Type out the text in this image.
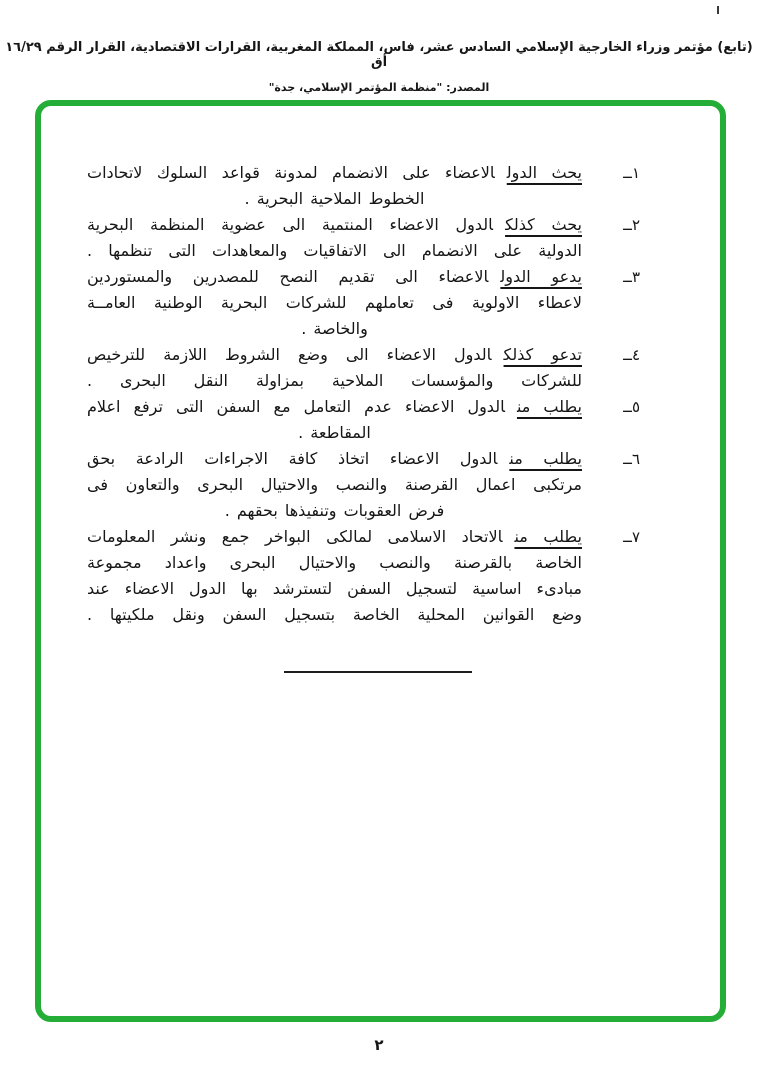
(تابع) مؤتمر وزراء الخارجية الإسلامي السادس عشر، فاس، المملكة المغربية، القرارات الاقتصادية، القرار الرقم ١٦/٢٩ أق
المصدر: "منظمة المؤتمر الإسلامي، جدة"
١ــ
يحث الدولالاعضاء على الانضمام لمدونة قواعد السلوك لاتحادات
الخطوط الملاحية البحرية .
٢ــ
يحث كذلكالدول الاعضاء المنتمية الى عضوية المنظمة البحرية
الدولية على الانضمام الى الاتفاقيات والمعاهدات التى تنظمها .
٣ــ
يدعو الدولالاعضاء الى تقديم النصح للمصدرين والمستوردين
لاعطاء الاولوية فى تعاملهم للشركات البحرية الوطنية العامــة
والخاصة .
٤ــ
تدعو كذلكالدول الاعضاء الى وضع الشروط اللازمة للترخيص
للشركات والمؤسسات الملاحية بمزاولة النقل البحرى .
٥ــ
يطلب منالدول الاعضاء عدم التعامل مع السفن التى ترفع اعلام
المقاطعة .
٦ــ
يطلب منالدول الاعضاء اتخاذ كافة الاجراءات الرادعة بحق
مرتكبى اعمال القرصنة والنصب والاحتيال البحرى والتعاون فى
فرض العقوبات وتنفيذها بحقهم .
٧ــ
يطلب منالاتحاد الاسلامى لمالكى البواخر جمع ونشر المعلومات
الخاصة بالقرصنة والنصب والاحتيال البحرى واعداد مجموعة
مبادىء اساسية لتسجيل السفن لتسترشد بها الدول الاعضاء عند
وضع القوانين المحلية الخاصة بتسجيل السفن ونقل ملكيتها .
٢
